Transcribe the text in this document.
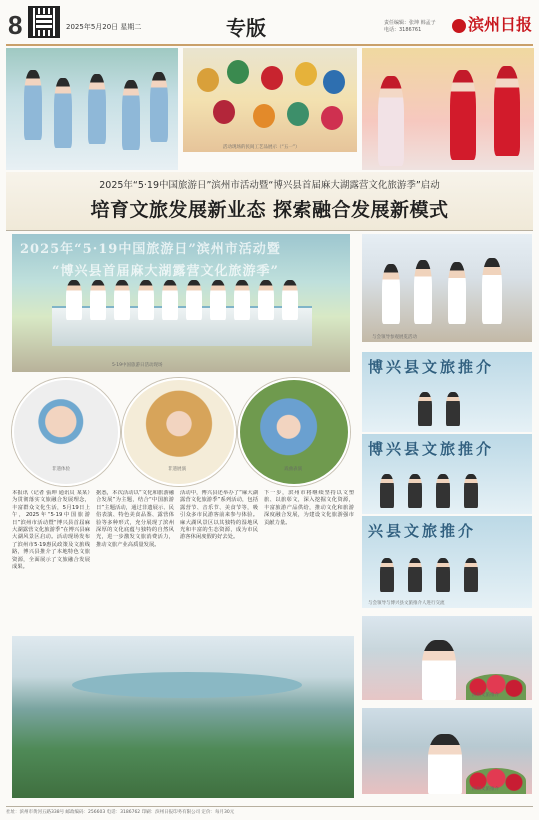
8	2025年5月20日 星期二	专版	责任编辑：张坤 韩孟子
电话：3186761	滨州日报
活动现场的民间工艺品展示（“五一”）
2025年“5·19中国旅游日”滨州市活动暨“博兴县首届麻大湖露营文化旅游季”启动
培育文旅发展新业态 探索融合发展新模式
2025年“5·19中国旅游日”滨州市活动暨
“博兴县首届麻大湖露营文化旅游季”
5·19中国旅游日活动现场
非遗体验	非遗展演	戏曲表演
本报讯（记者 張坤 通讯员 某某）为贯彻落实文旅融合发展理念，丰富群众文化生活，5月19日上午，2025年“5·19中国旅游日”滨州市活动暨“博兴县首届麻大湖露营文化旅游季”在博兴县麻大湖风景区启动。活动现场发布了滨州市5·19惠民政策及文旅线路，博兴县推介了本地特色文旅资源，全面展示了文旅融合发展成果。
据悉，本次活动以“文化和旅游融合发展”为主题，结合“中国旅游日”主题活动，通过非遗展示、民俗表演、特色美食品鉴、露营体验等多种形式，充分展现了滨州深厚的文化底蕴与独特的自然风光，进一步激发文旅消费活力，推动文旅产业高质量发展。
活动中，博兴县还举办了“麻大湖露营文化旅游季”系列活动，包括露营节、音乐节、美食节等，吸引众多市民游客前来参与体验。麻大湖风景区以其独特的湿地风光和丰富的生态资源，成为市民游客休闲度假的好去处。
下一步，滨州市将继续坚持以文塑旅、以旅彰文，深入挖掘文化资源，丰富旅游产品供给，推动文化和旅游深度融合发展，为建设文化旅游强市贡献力量。
与会领导参观展览活动
博兴县文旅推介
博兴县文旅推介
兴县文旅推介
与会领导与博兴县文旅推介人进行交流
滨州文旅推介
滨州文旅推介
社址：滨州市黄河五路338号 邮政编码：256603 电话：3186762 印刷：滨州日报印务有限公司 定价：每月30元
